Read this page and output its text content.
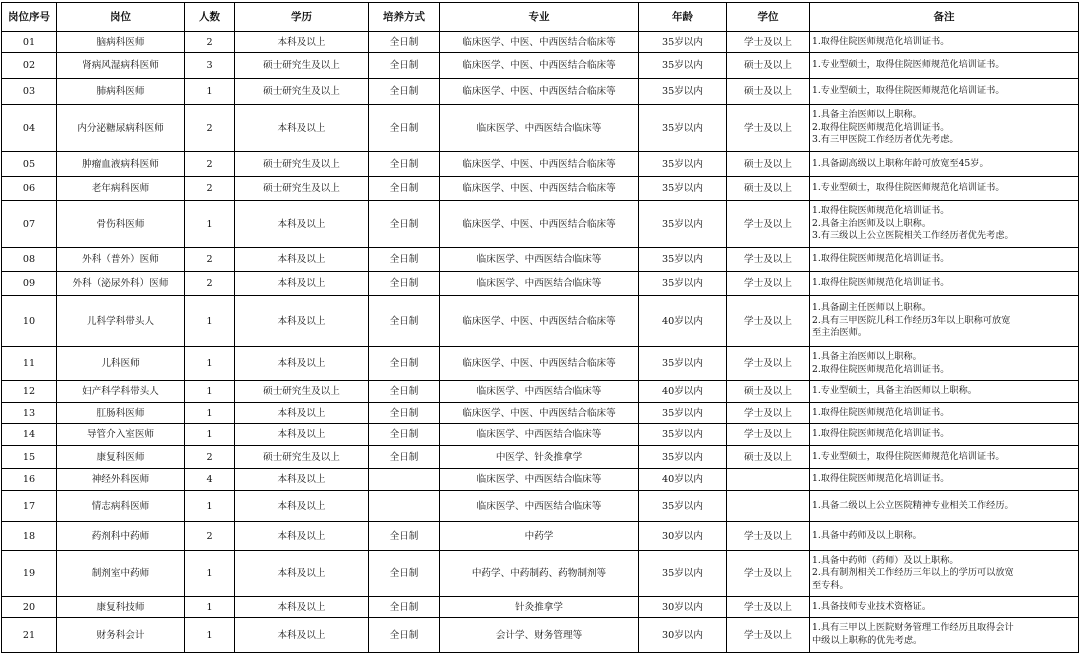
岗位序号	岗位	人数	学历	培养方式	专业	年龄	学位	备注
01	脑病科医师	2	本科及以上	全日制	临床医学、中医、中西医结合临床等	35岁以内	学士及以上	1.取得住院医师规范化培训证书。

02	肾病风湿病科医师	3	硕士研究生及以上	全日制	临床医学、中医、中西医结合临床等	35岁以内	硕士及以上	1.专业型硕士，取得住院医师规范化培训证书。

03	肺病科医师	1	硕士研究生及以上	全日制	临床医学、中医、中西医结合临床等	35岁以内	硕士及以上	1.专业型硕士，取得住院医师规范化培训证书。

04	内分泌糖尿病科医师	2	本科及以上	全日制	临床医学、中西医结合临床等	35岁以内	学士及以上	1.具备主治医师以上职称。
2.取得住院医师规范化培训证书。
3.有三甲医院工作经历者优先考虑。

05	肿瘤血液病科医师	2	硕士研究生及以上	全日制	临床医学、中医、中西医结合临床等	35岁以内	硕士及以上	1.具备副高级以上职称年龄可放宽至45岁。

06	老年病科医师	2	硕士研究生及以上	全日制	临床医学、中医、中西医结合临床等	35岁以内	硕士及以上	1.专业型硕士，取得住院医师规范化培训证书。

07	骨伤科医师	1	本科及以上	全日制	临床医学、中医、中西医结合临床等	35岁以内	学士及以上	1.取得住院医师规范化培训证书。
2.具备主治医师及以上职称。
3.有三级以上公立医院相关工作经历者优先考虑。

08	外科（普外）医师	2	本科及以上	全日制	临床医学、中西医结合临床等	35岁以内	学士及以上	1.取得住院医师规范化培训证书。

09	外科（泌尿外科）医师	2	本科及以上	全日制	临床医学、中西医结合临床等	35岁以内	学士及以上	1.取得住院医师规范化培训证书。

10	儿科学科带头人	1	本科及以上	全日制	临床医学、中医、中西医结合临床等	40岁以内	学士及以上	1.具备副主任医师以上职称。
2.具有三甲医院儿科工作经历3年以上职称可放宽
至主治医师。

11	儿科医师	1	本科及以上	全日制	临床医学、中医、中西医结合临床等	35岁以内	学士及以上	1.具备主治医师以上职称。
2.取得住院医师规范化培训证书。

12	妇产科学科带头人	1	硕士研究生及以上	全日制	临床医学、中西医结合临床等	40岁以内	硕士及以上	1.专业型硕士，具备主治医师以上职称。

13	肛肠科医师	1	本科及以上	全日制	临床医学、中医、中西医结合临床等	35岁以内	学士及以上	1.取得住院医师规范化培训证书。

14	导管介入室医师	1	本科及以上	全日制	临床医学、中西医结合临床等	35岁以内	学士及以上	1.取得住院医师规范化培训证书。

15	康复科医师	2	硕士研究生及以上	全日制	中医学、针灸推拿学	35岁以内	硕士及以上	1.专业型硕士，取得住院医师规范化培训证书。

16	神经外科医师	4	本科及以上		临床医学、中西医结合临床等	40岁以内		1.取得住院医师规范化培训证书。

17	情志病科医师	1	本科及以上		临床医学、中西医结合临床等	35岁以内		1.具备二级以上公立医院精神专业相关工作经历。

18	药剂科中药师	2	本科及以上	全日制	中药学	30岁以内	学士及以上	1.具备中药师及以上职称。

19	制剂室中药师	1	本科及以上	全日制	中药学、中药制药、药物制剂等	35岁以内	学士及以上	1.具备中药师（药师）及以上职称。
2.具有制剂相关工作经历三年以上的学历可以放宽
至专科。

20	康复科技师	1	本科及以上	全日制	针灸推拿学	30岁以内	学士及以上	1.具备技师专业技术资格证。

21	财务科会计	1	本科及以上	全日制	会计学、财务管理等	30岁以内	学士及以上	1.具有三甲以上医院财务管理工作经历且取得会计
中级以上职称的优先考虑。
